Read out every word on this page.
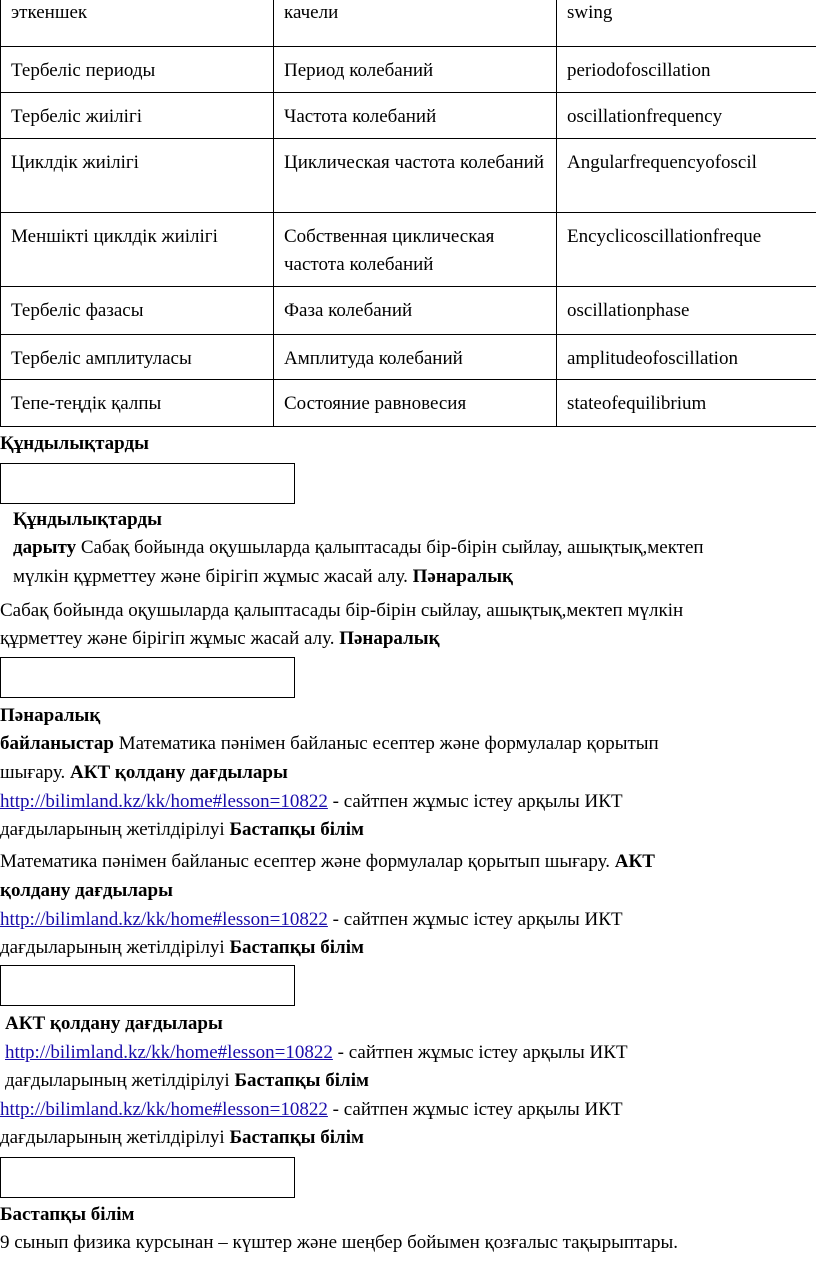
эткеншек	качели	swing
Тербеліс периоды	Период колебаний	periodofoscillation
Тербеліс жиілігі	Частота колебаний	oscillationfrequency
Циклдік жиілігі	Циклическая частота колебаний	Angularfrequencyofoscil
Меншікті циклдік жиілігі	Собственная циклическая частота колебаний	Encyclicoscillationfreque
Тербеліс фазасы	Фаза колебаний	oscillationphase
Тербеліс амплитуласы	Амплитуда колебаний	amplitudeofoscillation
Тепе-теңдік қалпы	Состояние равновесия	stateofequilibrium
Құндылықтарды
Құндылықтарды
дарыту Сабақ бойында оқушыларда қалыптасады бір-бірін сыйлау, ашықтық,мектеп
мүлкін құрметтеу және бірігіп жұмыс жасай алу. Пәнаралық
Сабақ бойында оқушыларда қалыптасады бір-бірін сыйлау, ашықтық,мектеп мүлкін
құрметтеу және бірігіп жұмыс жасай алу. Пәнаралық
Пәнаралық
байланыстар Математика пәнімен байланыс есептер және формулалар қорытып
шығару. АКТ қолдану дағдылары
http://bilimland.kz/kk/home#lesson=10822 - сайтпен жұмыс істеу арқылы ИКТ
дағдыларының жетілдірілуі Бастапқы білім
Математика пәнімен байланыс есептер және формулалар қорытып шығару. АКТ
қолдану дағдылары
http://bilimland.kz/kk/home#lesson=10822 - сайтпен жұмыс істеу арқылы ИКТ
дағдыларының жетілдірілуі Бастапқы білім
АКТ қолдану дағдылары
http://bilimland.kz/kk/home#lesson=10822 - сайтпен жұмыс істеу арқылы ИКТ
дағдыларының жетілдірілуі Бастапқы білім
http://bilimland.kz/kk/home#lesson=10822 - сайтпен жұмыс істеу арқылы ИКТ
дағдыларының жетілдірілуі Бастапқы білім
Бастапқы білім
9 сынып физика курсынан – күштер және шеңбер бойымен қозғалыс тақырыптары.
